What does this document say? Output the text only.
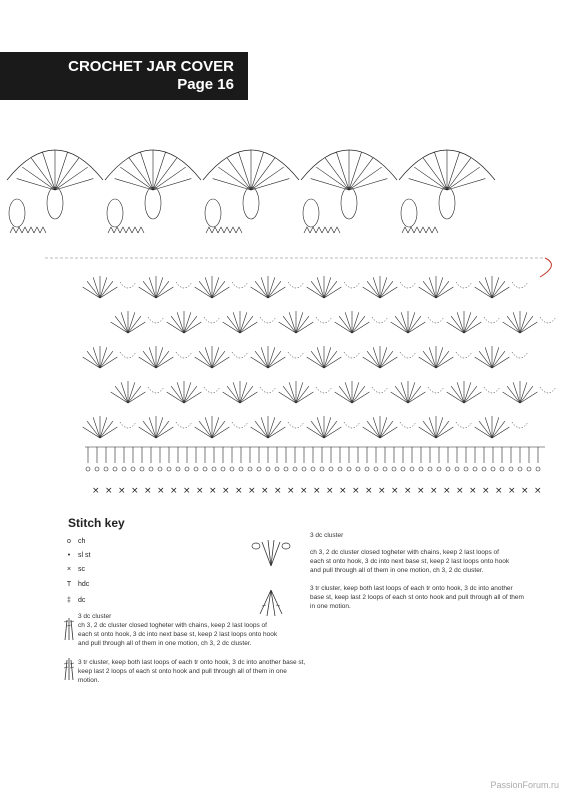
CROCHET JAR COVER
Page 16
× × × × × × × × × × × × × × × × × × × × × × × × × × × × × × × × × × ×
Stitch key
o ch
• sl st
× sc
T hdc
‡ dc
3 dc cluster
ch 3, 2 dc cluster closed togheter with chains, keep 2 last loops of each st onto hook, 3 dc into next base st, keep 2 last loops onto hook and pull through all of them in one motion, ch 3, 2 dc cluster.
3 tr cluster, keep both last loops of each tr onto hook, 3 dc into another base st, keep last 2 loops of each st onto hook and pull through all of them in one motion.
3 dc cluster
ch 3, 2 dc cluster closed togheter with chains, keep 2 last loops of each st onto hook, 3 dc into next base st, keep 2 last loops onto hook and pull through all of them in one motion, ch 3, 2 dc cluster.
3 tr cluster, keep both last loops of each tr onto hook, 3 dc into another base st, keep last 2 loops of each st onto hook and pull through all of them in one motion.
PassionForum.ru
